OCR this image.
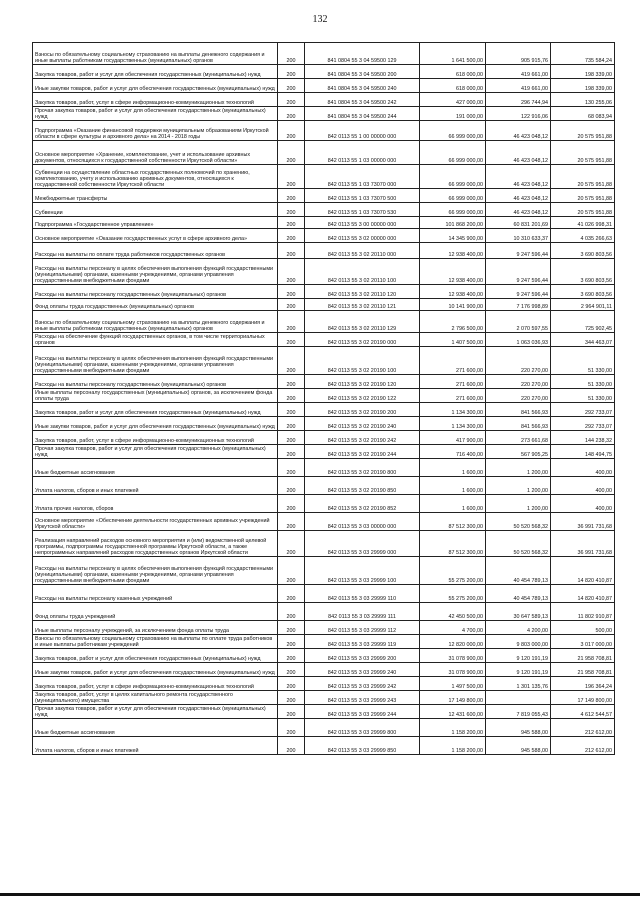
132
Взносы по обязательному социальному страхованию на выплаты денежного содержания и иные выплаты работникам государственных (муниципальных) органов	200	841 0804 55 3 04 59500 129	1 641 500,00	905 915,76	735 584,24
Закупка товаров, работ и услуг для обеспечения государственных (муниципальных) нужд	200	841 0804 55 3 04 59500 200	618 000,00	419 661,00	198 339,00
Иные закупки товаров, работ и услуг для обеспечения государственных (муниципальных) нужд	200	841 0804 55 3 04 59500 240	618 000,00	419 661,00	198 339,00
Закупка товаров, работ, услуг в сфере информационно-коммуникационных технологий	200	841 0804 55 3 04 59500 242	427 000,00	296 744,94	130 255,06
Прочая закупка товаров, работ и услуг для обеспечения государственных (муниципальных) нужд	200	841 0804 55 3 04 59500 244	191 000,00	122 916,06	68 083,94
Подпрограмма «Оказание финансовой поддержки муниципальным образованиям Иркутской области в сфере культуры и архивного дела» на 2014 - 2018 годы	200	842 0113 55 1 00 00000 000	66 999 000,00	46 423 048,12	20 575 951,88
Основное мероприятие «Хранение, комплектование, учет и использование архивных документов, относящихся к государственной собственности Иркутской области»	200	842 0113 55 1 03 00000 000	66 999 000,00	46 423 048,12	20 575 951,88
Субвенции на осуществление областных государственных полномочий по хранению, комплектованию, учету и использованию архивных документов, относящихся к государственной собственности Иркутской области	200	842 0113 55 1 03 73070 000	66 999 000,00	46 423 048,12	20 575 951,88
Межбюджетные трансферты	200	842 0113 55 1 03 73070 500	66 999 000,00	46 423 048,12	20 575 951,88
Субвенции	200	842 0113 55 1 03 73070 530	66 999 000,00	46 423 048,12	20 575 951,88
Подпрограмма «Государственное управление»	200	842 0113 55 3 00 00000 000	101 868 200,00	60 831 201,69	41 026 998,31
Основное мероприятие «Оказание государственных услуг в сфере архивного дела»	200	842 0113 55 3 02 00000 000	14 345 900,00	10 310 633,37	4 035 266,63
Расходы на выплаты по оплате труда работников государственных органов	200	842 0113 55 3 02 20110 000	12 938 400,00	9 247 596,44	3 690 803,56
Расходы на выплаты персоналу в целях обеспечения выполнения функций государственными (муниципальными) органами, казенными учреждениями, органами управления государственными внебюджетными фондами	200	842 0113 55 3 02 20110 100	12 938 400,00	9 247 596,44	3 690 803,56
Расходы на выплаты персоналу государственных (муниципальных) органов	200	842 0113 55 3 02 20110 120	12 938 400,00	9 247 596,44	3 690 803,56
Фонд оплаты труда государственных (муниципальных) органов	200	842 0113 55 3 02 20110 121	10 141 900,00	7 176 998,89	2 964 901,11
Взносы по обязательному социальному страхованию на выплаты денежного содержания и иные выплаты работникам государственных (муниципальных) органов	200	842 0113 55 3 02 20110 129	2 796 500,00	2 070 597,55	725 902,45
Расходы на обеспечение функций государственных органов, в том числе территориальных органов	200	842 0113 55 3 02 20190 000	1 407 500,00	1 063 036,93	344 463,07
Расходы на выплаты персоналу в целях обеспечения выполнения функций государственными (муниципальными) органами, казенными учреждениями, органами управления государственными внебюджетными фондами	200	842 0113 55 3 02 20190 100	271 600,00	220 270,00	51 330,00
Расходы на выплаты персоналу государственных (муниципальных) органов	200	842 0113 55 3 02 20190 120	271 600,00	220 270,00	51 330,00
Иные выплаты персоналу государственных (муниципальных) органов, за исключением фонда оплаты труда	200	842 0113 55 3 02 20190 122	271 600,00	220 270,00	51 330,00
Закупка товаров, работ и услуг для обеспечения государственных (муниципальных) нужд	200	842 0113 55 3 02 20190 200	1 134 300,00	841 566,93	292 733,07
Иные закупки товаров, работ и услуг для обеспечения государственных (муниципальных) нужд	200	842 0113 55 3 02 20190 240	1 134 300,00	841 566,93	292 733,07
Закупка товаров, работ, услуг в сфере информационно-коммуникационных технологий	200	842 0113 55 3 02 20190 242	417 900,00	273 661,68	144 238,32
Прочая закупка товаров, работ и услуг для обеспечения государственных (муниципальных) нужд	200	842 0113 55 3 02 20190 244	716 400,00	567 905,25	148 494,75
Иные бюджетные ассигнования	200	842 0113 55 3 02 20190 800	1 600,00	1 200,00	400,00
Уплата налогов, сборов и иных платежей	200	842 0113 55 3 02 20190 850	1 600,00	1 200,00	400,00
Уплата прочих налогов, сборов	200	842 0113 55 3 02 20190 852	1 600,00	1 200,00	400,00
Основное мероприятие «Обеспечение деятельности государственных архивных учреждений Иркутской области»	200	842 0113 55 3 03 00000 000	87 512 300,00	50 520 568,32	36 991 731,68
Реализация направлений расходов основного мероприятия и (или) ведомственной целевой программы, подпрограммы государственной программы Иркутской области, а также непрограммных направлений расходов государственных органов Иркутской области	200	842 0113 55 3 03 29999 000	87 512 300,00	50 520 568,32	36 991 731,68
Расходы на выплаты персоналу в целях обеспечения выполнения функций государственными (муниципальными) органами, казенными учреждениями, органами управления государственными внебюджетными фондами	200	842 0113 55 3 03 29999 100	55 275 200,00	40 454 789,13	14 820 410,87
Расходы на выплаты персоналу казенных учреждений	200	842 0113 55 3 03 29999 110	55 275 200,00	40 454 789,13	14 820 410,87
Фонд оплаты труда учреждений	200	842 0113 55 3 03 29999 111	42 450 500,00	30 647 589,13	11 802 910,87
Иные выплаты персоналу учреждений, за исключением фонда оплаты труда	200	842 0113 55 3 03 29999 112	4 700,00	4 200,00	500,00
Взносы по обязательному социальному страхованию на выплаты по оплате труда работников и иные выплаты работникам учреждений	200	842 0113 55 3 03 29999 119	12 820 000,00	9 803 000,00	3 017 000,00
Закупка товаров, работ и услуг для обеспечения государственных (муниципальных) нужд	200	842 0113 55 3 03 29999 200	31 078 900,00	9 120 191,19	21 958 708,81
Иные закупки товаров, работ и услуг для обеспечения государственных (муниципальных) нужд	200	842 0113 55 3 03 29999 240	31 078 900,00	9 120 191,19	21 958 708,81
Закупка товаров, работ, услуг в сфере информационно-коммуникационных технологий	200	842 0113 55 3 03 29999 242	1 497 500,00	1 301 135,76	196 364,24
Закупка товаров, работ, услуг в целях капитального ремонта государственного (муниципального) имущества	200	842 0113 55 3 03 29999 243	17 149 800,00		17 149 800,00
Прочая закупка товаров, работ и услуг для обеспечения государственных (муниципальных) нужд	200	842 0113 55 3 03 29999 244	12 431 600,00	7 819 055,43	4 612 544,57
Иные бюджетные ассигнования	200	842 0113 55 3 03 29999 800	1 158 200,00	945 588,00	212 612,00
Уплата налогов, сборов и иных платежей	200	842 0113 55 3 03 29999 850	1 158 200,00	945 588,00	212 612,00
